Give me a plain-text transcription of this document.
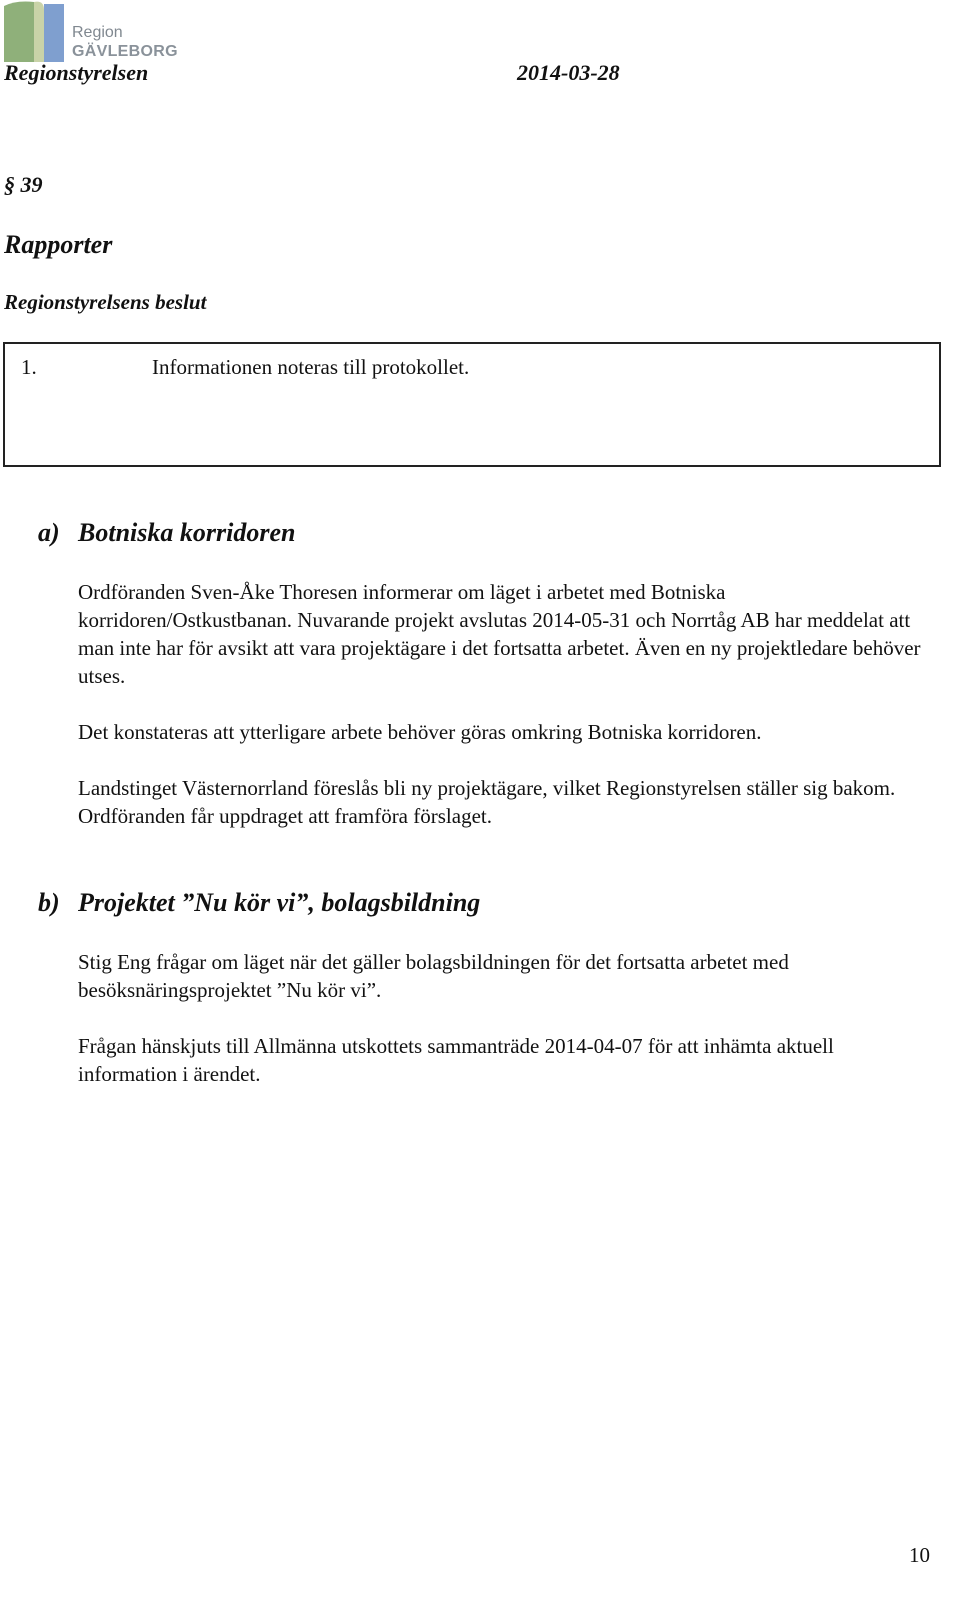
Region
GÄVLEBORG
Regionstyrelsen	2014-03-28
§ 39
Rapporter
Regionstyrelsens beslut
1.	Informationen noteras till protokollet.
a) Botniska korridoren

Ordföranden Sven-Åke Thoresen informerar om läget i arbetet med Botniska korridoren/Ostkustbanan. Nuvarande projekt avslutas 2014-05-31 och Norrtåg AB har meddelat att man inte har för avsikt att vara projektägare i det fortsatta arbetet. Även en ny projektledare behöver utses.

Det konstateras att ytterligare arbete behöver göras omkring Botniska korridoren.

Landstinget Västernorrland föreslås bli ny projektägare, vilket Regionstyrelsen ställer sig bakom. Ordföranden får uppdraget att framföra förslaget.

b) Projektet ”Nu kör vi”, bolagsbildning

Stig Eng frågar om läget när det gäller bolagsbildningen för det fortsatta arbetet med besöksnäringsprojektet ”Nu kör vi”.

Frågan hänskjuts till Allmänna utskottets sammanträde 2014-04-07 för att inhämta aktuell information i ärendet.

10
